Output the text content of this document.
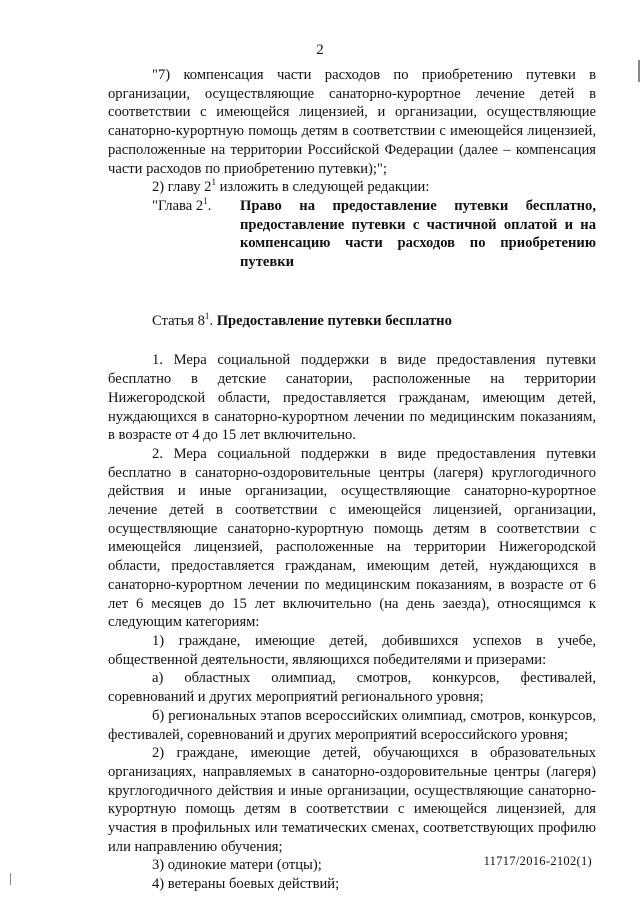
2

"7) компенсация части расходов по приобретению путевки в организации, осуществляющие санаторно-курортное лечение детей в соответствии с имеющейся лицензией, и организации, осуществляющие санаторно-курортную помощь детям в соответствии с имеющейся лицензией, расположенные на территории Российской Федерации (далее – компенсация части расходов по приобретению путевки);";

2) главу $2^1$ изложить в следующей редакции:

"Глава $2^1$.	Право на предоставление путевки бесплатно, предоставление путевки с частичной оплатой и на компенсацию части расходов по приобретению путевки

Статья $8^1$. Предоставление путевки бесплатно

1. Мера социальной поддержки в виде предоставления путевки бесплатно в детские санатории, расположенные на территории Нижегородской области, предоставляется гражданам, имеющим детей, нуждающихся в санаторно-курортном лечении по медицинским показаниям, в возрасте от 4 до 15 лет включительно.

2. Мера социальной поддержки в виде предоставления путевки бесплатно в санаторно-оздоровительные центры (лагеря) круглогодичного действия и иные организации, осуществляющие санаторно-курортное лечение детей в соответствии с имеющейся лицензией, организации, осуществляющие санаторно-курортную помощь детям в соответствии с имеющейся лицензией, расположенные на территории Нижегородской области, предоставляется гражданам, имеющим детей, нуждающихся в санаторно-курортном лечении по медицинским показаниям, в возрасте от 6 лет 6 месяцев до 15 лет включительно (на день заезда), относящимся к следующим категориям:

1) граждане, имеющие детей, добившихся успехов в учебе, общественной деятельности, являющихся победителями и призерами:

а) областных олимпиад, смотров, конкурсов, фестивалей, соревнований и других мероприятий регионального уровня;

б) региональных этапов всероссийских олимпиад, смотров, конкурсов, фестивалей, соревнований и других мероприятий всероссийского уровня;

2) граждане, имеющие детей, обучающихся в образовательных организациях, направляемых в санаторно-оздоровительные центры (лагеря) круглогодичного действия и иные организации, осуществляющие санаторно-курортную помощь детям в соответствии с имеющейся лицензией, для участия в профильных или тематических сменах, соответствующих профилю или направлению обучения;

3) одинокие матери (отцы);

4) ветераны боевых действий;

11717/2016-2102(1)
